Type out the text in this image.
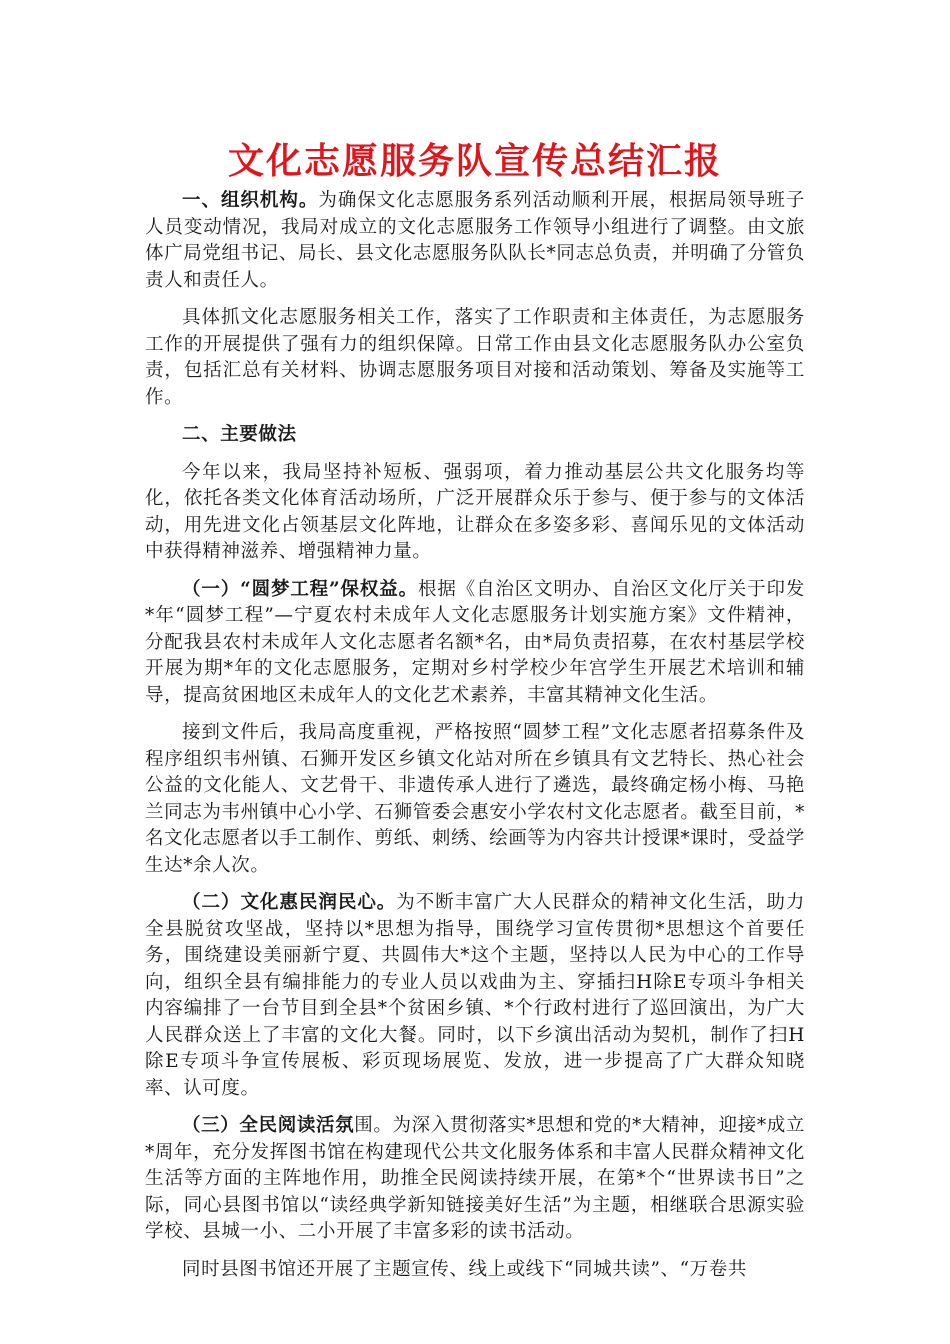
文化志愿服务队宣传总结汇报

一、组织机构。为确保文化志愿服务系列活动顺利开展，根据局领导班子人员变动情况，我局对成立的文化志愿服务工作领导小组进行了调整。由文旅体广局党组书记、局长、县文化志愿服务队队长*同志总负责，并明确了分管负责人和责任人。

具体抓文化志愿服务相关工作，落实了工作职责和主体责任，为志愿服务工作的开展提供了强有力的组织保障。日常工作由县文化志愿服务队办公室负责，包括汇总有关材料、协调志愿服务项目对接和活动策划、筹备及实施等工作。

二、主要做法

今年以来，我局坚持补短板、强弱项，着力推动基层公共文化服务均等化，依托各类文化体育活动场所，广泛开展群众乐于参与、便于参与的文体活动，用先进文化占领基层文化阵地，让群众在多姿多彩、喜闻乐见的文体活动中获得精神滋养、增强精神力量。

（一）“圆梦工程”保权益。根据《自治区文明办、自治区文化厅关于印发*年“圆梦工程”—宁夏农村未成年人文化志愿服务计划实施方案》文件精神，分配我县农村未成年人文化志愿者名额*名，由*局负责招募，在农村基层学校开展为期*年的文化志愿服务，定期对乡村学校少年宫学生开展艺术培训和辅导，提高贫困地区未成年人的文化艺术素养，丰富其精神文化生活。

接到文件后，我局高度重视，严格按照“圆梦工程”文化志愿者招募条件及程序组织韦州镇、石狮开发区乡镇文化站对所在乡镇具有文艺特长、热心社会公益的文化能人、文艺骨干、非遗传承人进行了遴选，最终确定杨小梅、马艳兰同志为韦州镇中心小学、石狮管委会惠安小学农村文化志愿者。截至目前，*名文化志愿者以手工制作、剪纸、刺绣、绘画等为内容共计授课*课时，受益学生达*余人次。

（二）文化惠民润民心。为不断丰富广大人民群众的精神文化生活，助力全县脱贫攻坚战，坚持以*思想为指导，围绕学习宣传贯彻*思想这个首要任务，围绕建设美丽新宁夏、共圆伟大*这个主题，坚持以人民为中心的工作导向，组织全县有编排能力的专业人员以戏曲为主、穿插扫H除E专项斗争相关内容编排了一台节目到全县*个贫困乡镇、*个行政村进行了巡回演出，为广大人民群众送上了丰富的文化大餐。同时，以下乡演出活动为契机，制作了扫H除E专项斗争宣传展板、彩页现场展览、发放，进一步提高了广大群众知晓率、认可度。

（三）全民阅读活氛围。为深入贯彻落实*思想和党的*大精神，迎接*成立*周年，充分发挥图书馆在构建现代公共文化服务体系和丰富人民群众精神文化生活等方面的主阵地作用，助推全民阅读持续开展，在第*个“世界读书日”之际，同心县图书馆以“读经典学新知链接美好生活”为主题，相继联合思源实验学校、县城一小、二小开展了丰富多彩的读书活动。

同时县图书馆还开展了主题宣传、线上或线下“同城共读”、“万卷共
